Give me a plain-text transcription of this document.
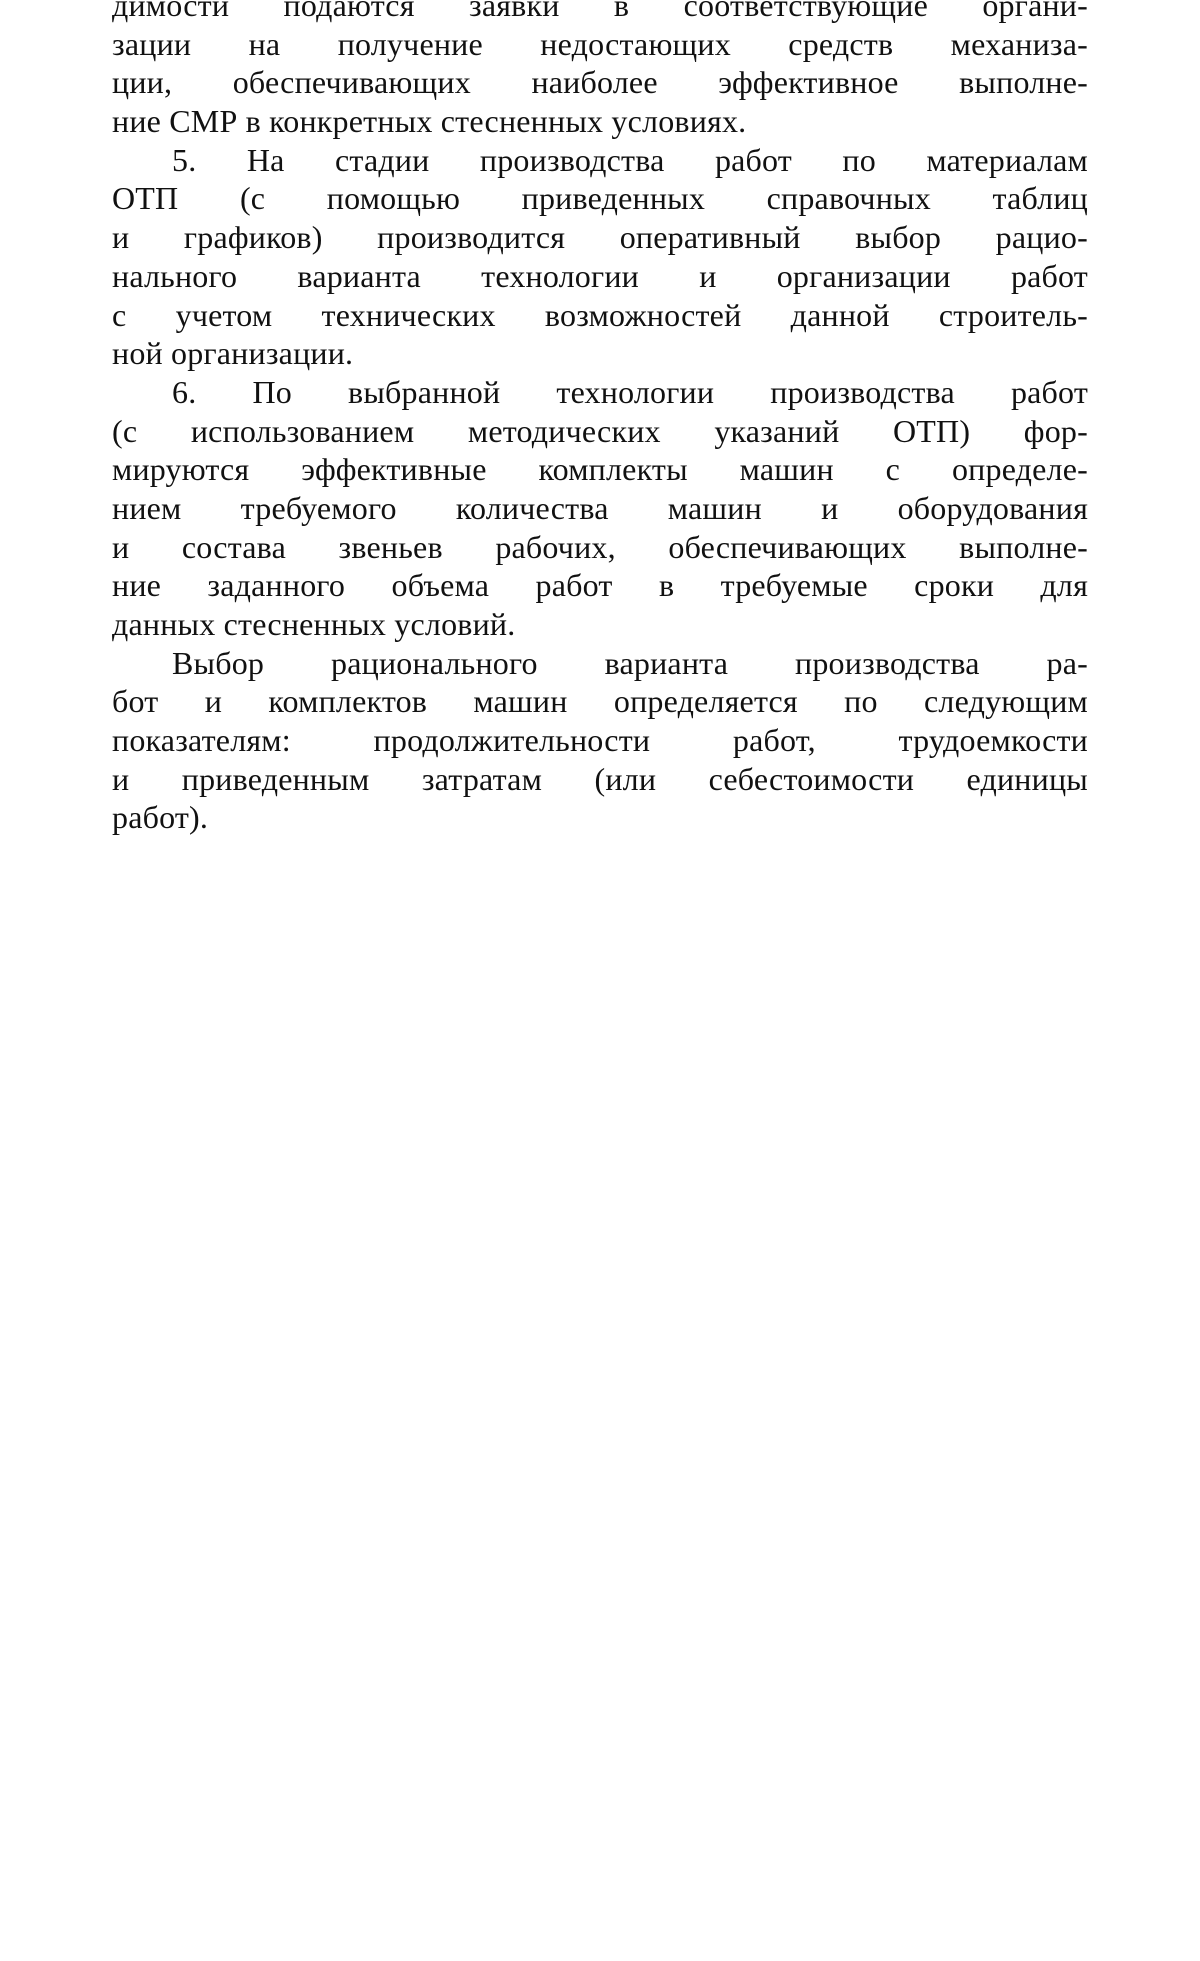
димости подаются заявки в соответствующие органи-
зации на получение недостающих средств механиза-
ции, обеспечивающих наиболее эффективное выполне-
ние СМР в конкретных стесненных условиях.
5. На стадии производства работ по материалам
ОТП (с помощью приведенных справочных таблиц
и графиков) производится оперативный выбор рацио-
нального варианта технологии и организации работ
с учетом технических возможностей данной строитель-
ной организации.
6. По выбранной технологии производства работ
(с использованием методических указаний ОТП) фор-
мируются эффективные комплекты машин с определе-
нием требуемого количества машин и оборудования
и состава звеньев рабочих, обеспечивающих выполне-
ние заданного объема работ в требуемые сроки для
данных стесненных условий.
Выбор рационального варианта производства ра-
бот и комплектов машин определяется по следующим
показателям: продолжительности работ, трудоемкости
и приведенным затратам (или себестоимости единицы
работ).
